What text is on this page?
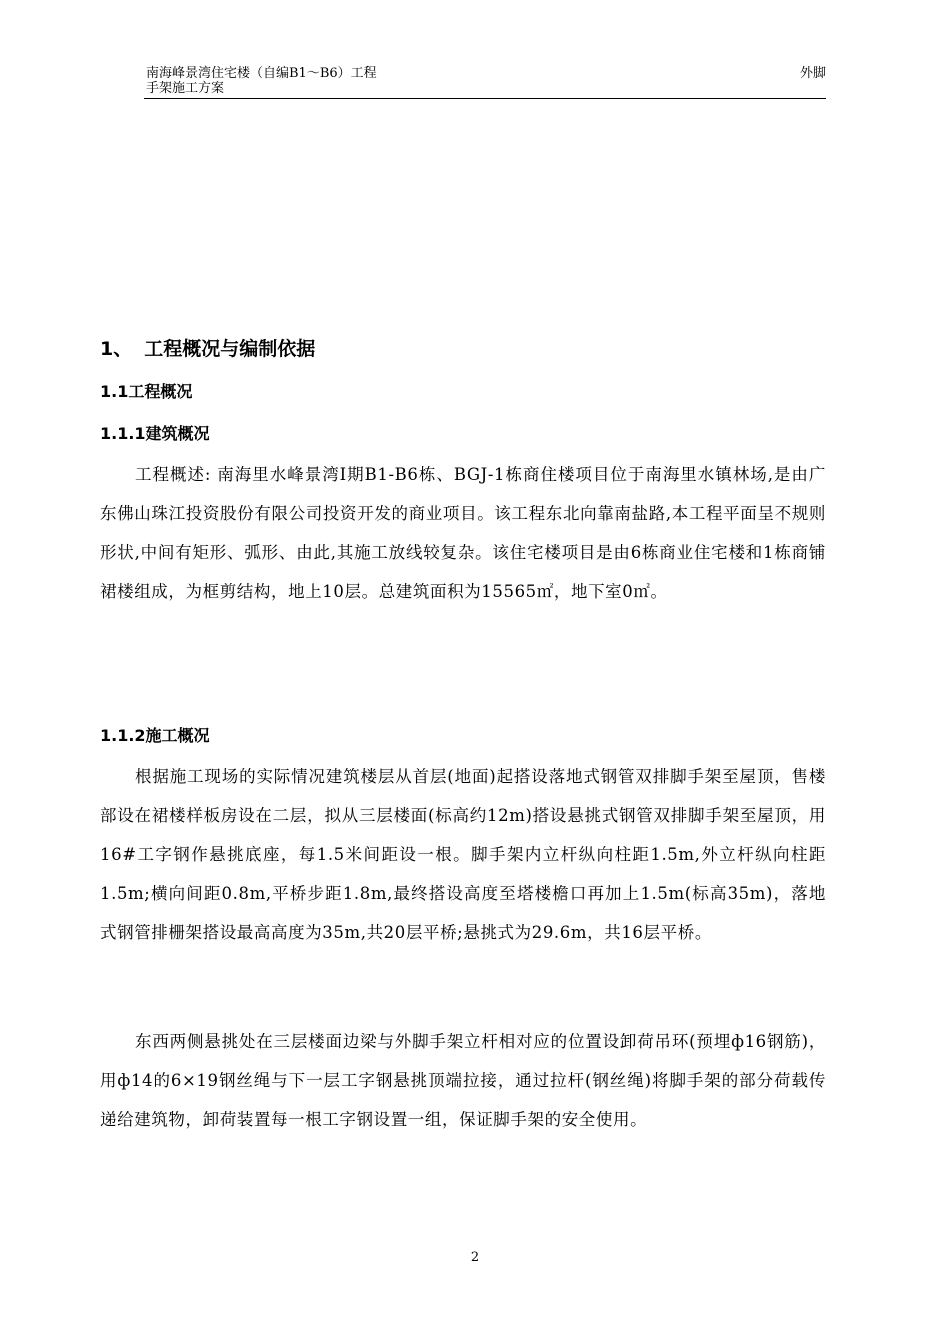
南海峰景湾住宅楼（自编B1～B6）工程
手架施工方案
外脚
1、 工程概况与编制依据
1.1工程概况
1.1.1建筑概况

工程概述: 南海里水峰景湾Ⅰ期B1-B6栋、BGJ-1栋商住楼项目位于南海里水镇林场,是由广东佛山珠江投资股份有限公司投资开发的商业项目。该工程东北向靠南盐路,本工程平面呈不规则形状,中间有矩形、弧形、由此,其施工放线较复杂。该住宅楼项目是由6栋商业住宅楼和1栋商铺裙楼组成，为框剪结构，地上10层。总建筑面积为15565㎡，地下室0㎡。

1.1.2施工概况

根据施工现场的实际情况建筑楼层从首层(地面)起搭设落地式钢管双排脚手架至屋顶，售楼部设在裙楼样板房设在二层，拟从三层楼面(标高约12m)搭设悬挑式钢管双排脚手架至屋顶，用16#工字钢作悬挑底座，每1.5米间距设一根。脚手架内立杆纵向柱距1.5m,外立杆纵向柱距1.5m;横向间距0.8m,平桥步距1.8m,最终搭设高度至塔楼檐口再加上1.5m(标高35m)，落地式钢管排栅架搭设最高高度为35m,共20层平桥;悬挑式为29.6m，共16层平桥。

东西两侧悬挑处在三层楼面边梁与外脚手架立杆相对应的位置设卸荷吊环(预埋ф16钢筋)，用ф14的6×19钢丝绳与下一层工字钢悬挑顶端拉接，通过拉杆(钢丝绳)将脚手架的部分荷载传递给建筑物，卸荷装置每一根工字钢设置一组，保证脚手架的安全使用。

2
